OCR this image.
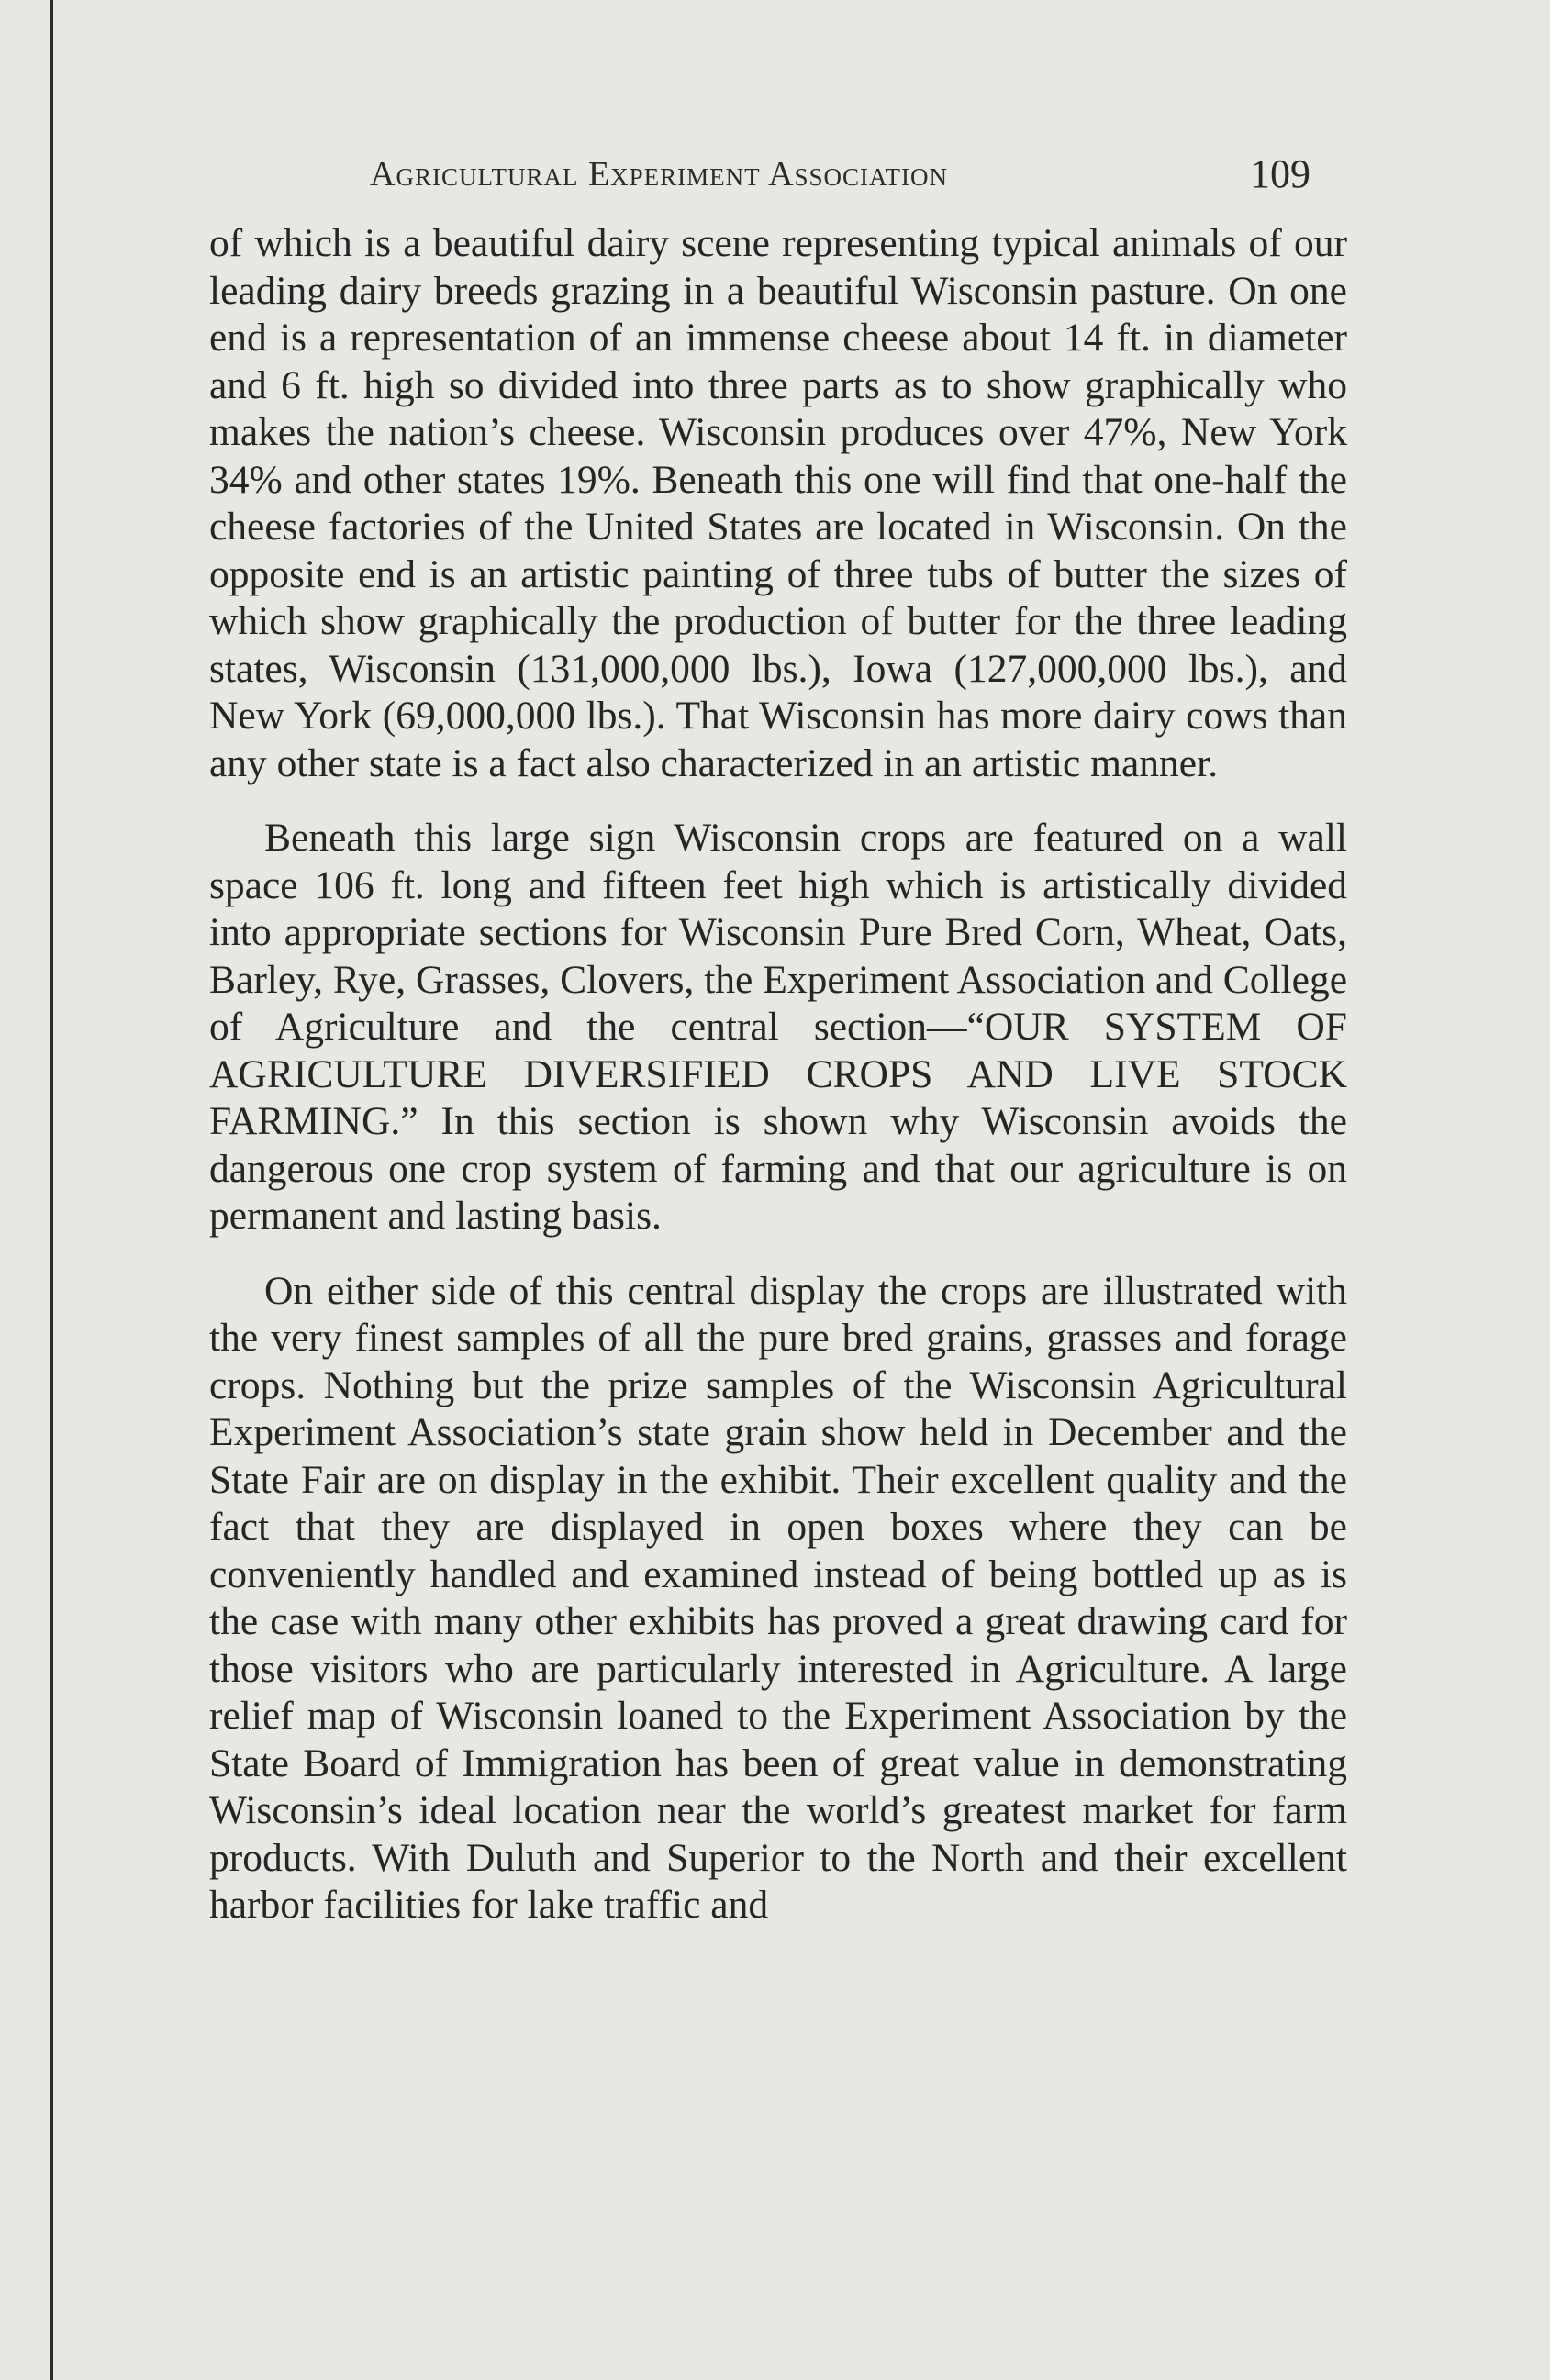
Agricultural Experiment Association	109

of which is a beautiful dairy scene representing typical animals of our leading dairy breeds grazing in a beautiful Wisconsin pasture. On one end is a representation of an immense cheese about 14 ft. in diameter and 6 ft. high so divided into three parts as to show graphically who makes the nation’s cheese. Wisconsin produces over 47%, New York 34% and other states 19%. Beneath this one will find that one-half the cheese factories of the United States are located in Wisconsin. On the opposite end is an artistic painting of three tubs of butter the sizes of which show graphically the production of butter for the three leading states, Wisconsin (131,000,000 lbs.), Iowa (127,000,000 lbs.), and New York (69,000,000 lbs.). That Wisconsin has more dairy cows than any other state is a fact also characterized in an artistic manner.

Beneath this large sign Wisconsin crops are featured on a wall space 106 ft. long and fifteen feet high which is artistically divided into appropriate sections for Wisconsin Pure Bred Corn, Wheat, Oats, Barley, Rye, Grasses, Clovers, the Experiment Association and College of Agriculture and the central section—“OUR SYSTEM OF AGRICULTURE DIVERSIFIED CROPS AND LIVE STOCK FARMING.” In this section is shown why Wisconsin avoids the dangerous one crop system of farming and that our agriculture is on permanent and lasting basis.

On either side of this central display the crops are illustrated with the very finest samples of all the pure bred grains, grasses and forage crops. Nothing but the prize samples of the Wisconsin Agricultural Experiment Association’s state grain show held in December and the State Fair are on display in the exhibit. Their excellent quality and the fact that they are displayed in open boxes where they can be conveniently handled and examined instead of being bottled up as is the case with many other exhibits has proved a great drawing card for those visitors who are particularly interested in Agriculture. A large relief map of Wisconsin loaned to the Experiment Association by the State Board of Immigration has been of great value in demonstrating Wisconsin’s ideal location near the world’s greatest market for farm products. With Duluth and Superior to the North and their excellent harbor facilities for lake traffic and
